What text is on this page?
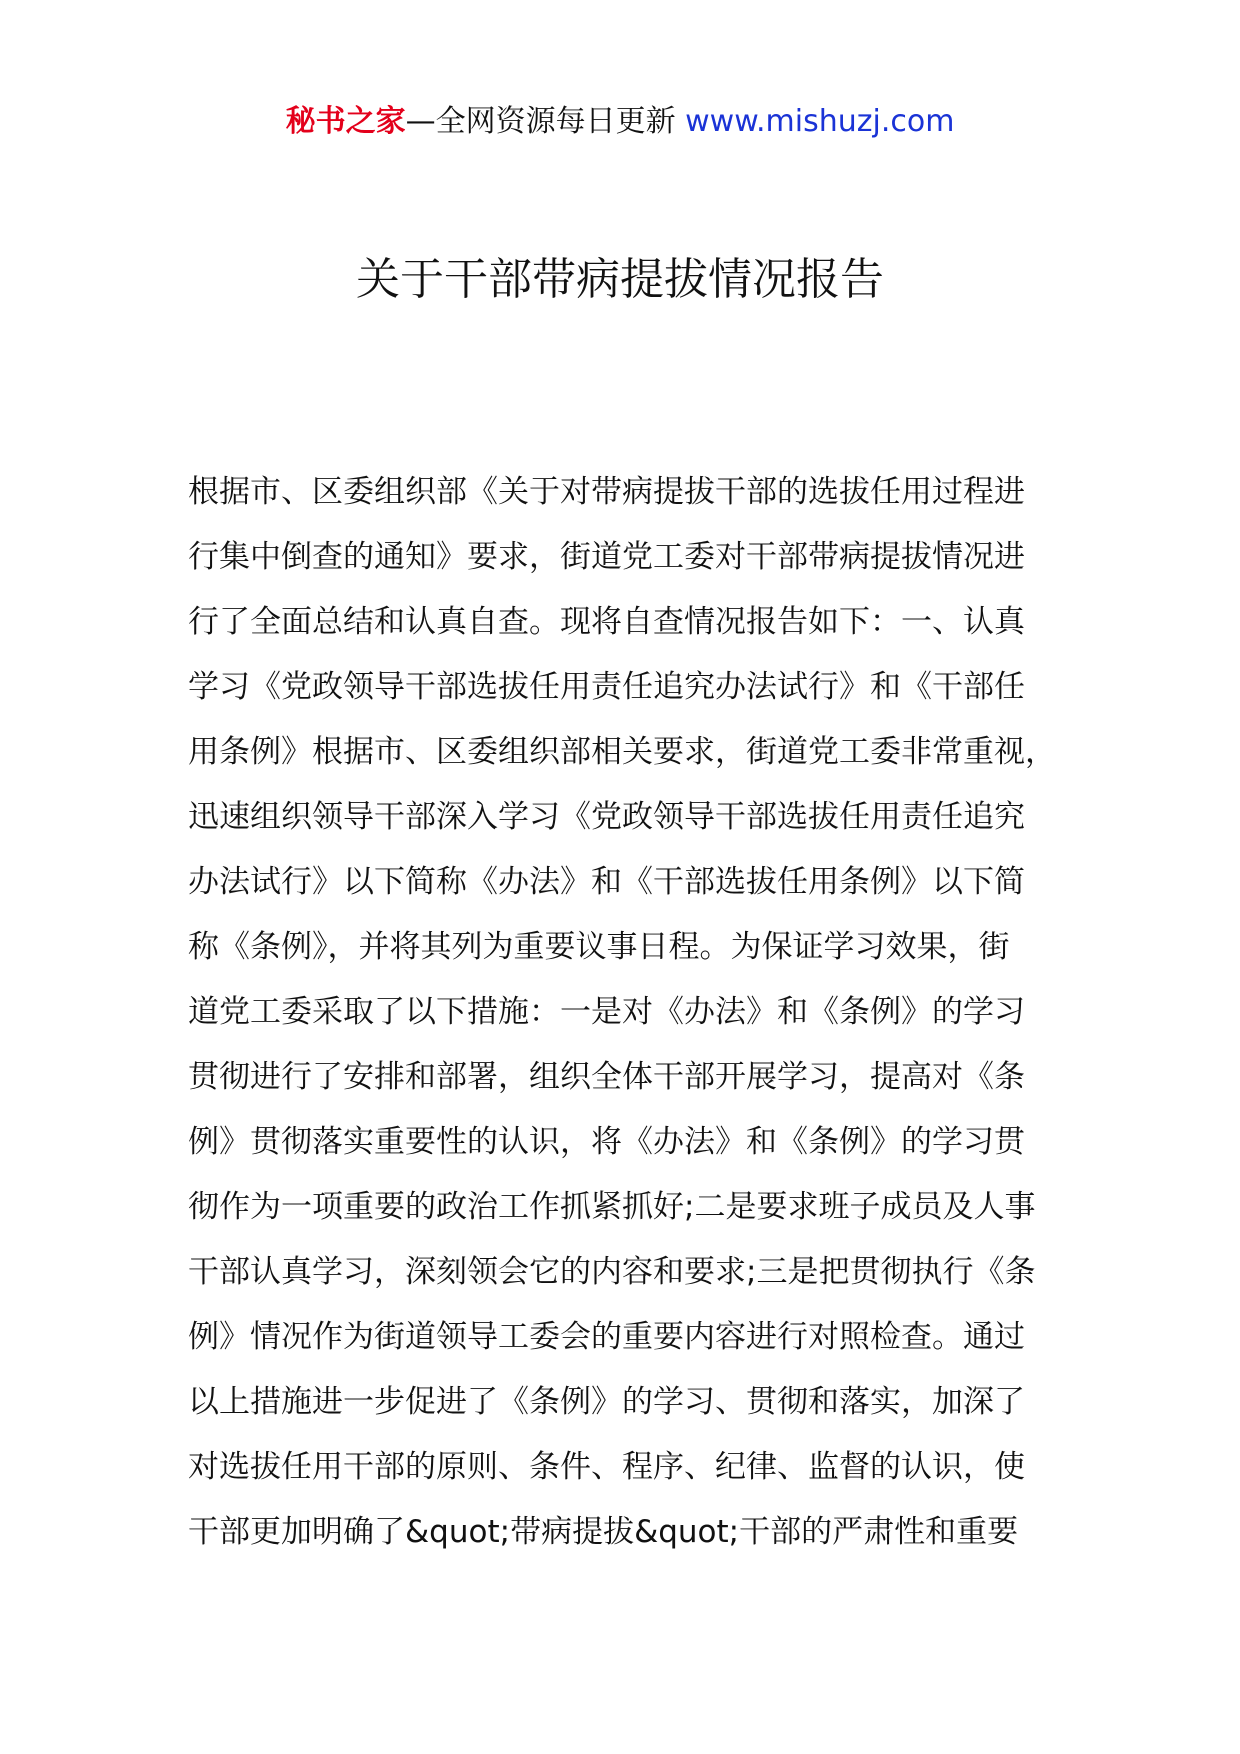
秘书之家—全网资源每日更新 www.mishuzj.com
关于干部带病提拔情况报告
根据市、区委组织部《关于对带病提拔干部的选拔任用过程进
行集中倒查的通知》要求，街道党工委对干部带病提拔情况进
行了全面总结和认真自查。现将自查情况报告如下：一、认真
学习《党政领导干部选拔任用责任追究办法试行》和《干部任
用条例》根据市、区委组织部相关要求，街道党工委非常重视，
迅速组织领导干部深入学习《党政领导干部选拔任用责任追究
办法试行》以下简称《办法》和《干部选拔任用条例》以下简
称《条例》，并将其列为重要议事日程。为保证学习效果，街
道党工委采取了以下措施：一是对《办法》和《条例》的学习
贯彻进行了安排和部署，组织全体干部开展学习，提高对《条
例》贯彻落实重要性的认识，将《办法》和《条例》的学习贯
彻作为一项重要的政治工作抓紧抓好;二是要求班子成员及人事
干部认真学习，深刻领会它的内容和要求;三是把贯彻执行《条
例》情况作为街道领导工委会的重要内容进行对照检查。通过
以上措施进一步促进了《条例》的学习、贯彻和落实，加深了
对选拔任用干部的原则、条件、程序、纪律、监督的认识，使
干部更加明确了&quot;带病提拔&quot;干部的严肃性和重要
